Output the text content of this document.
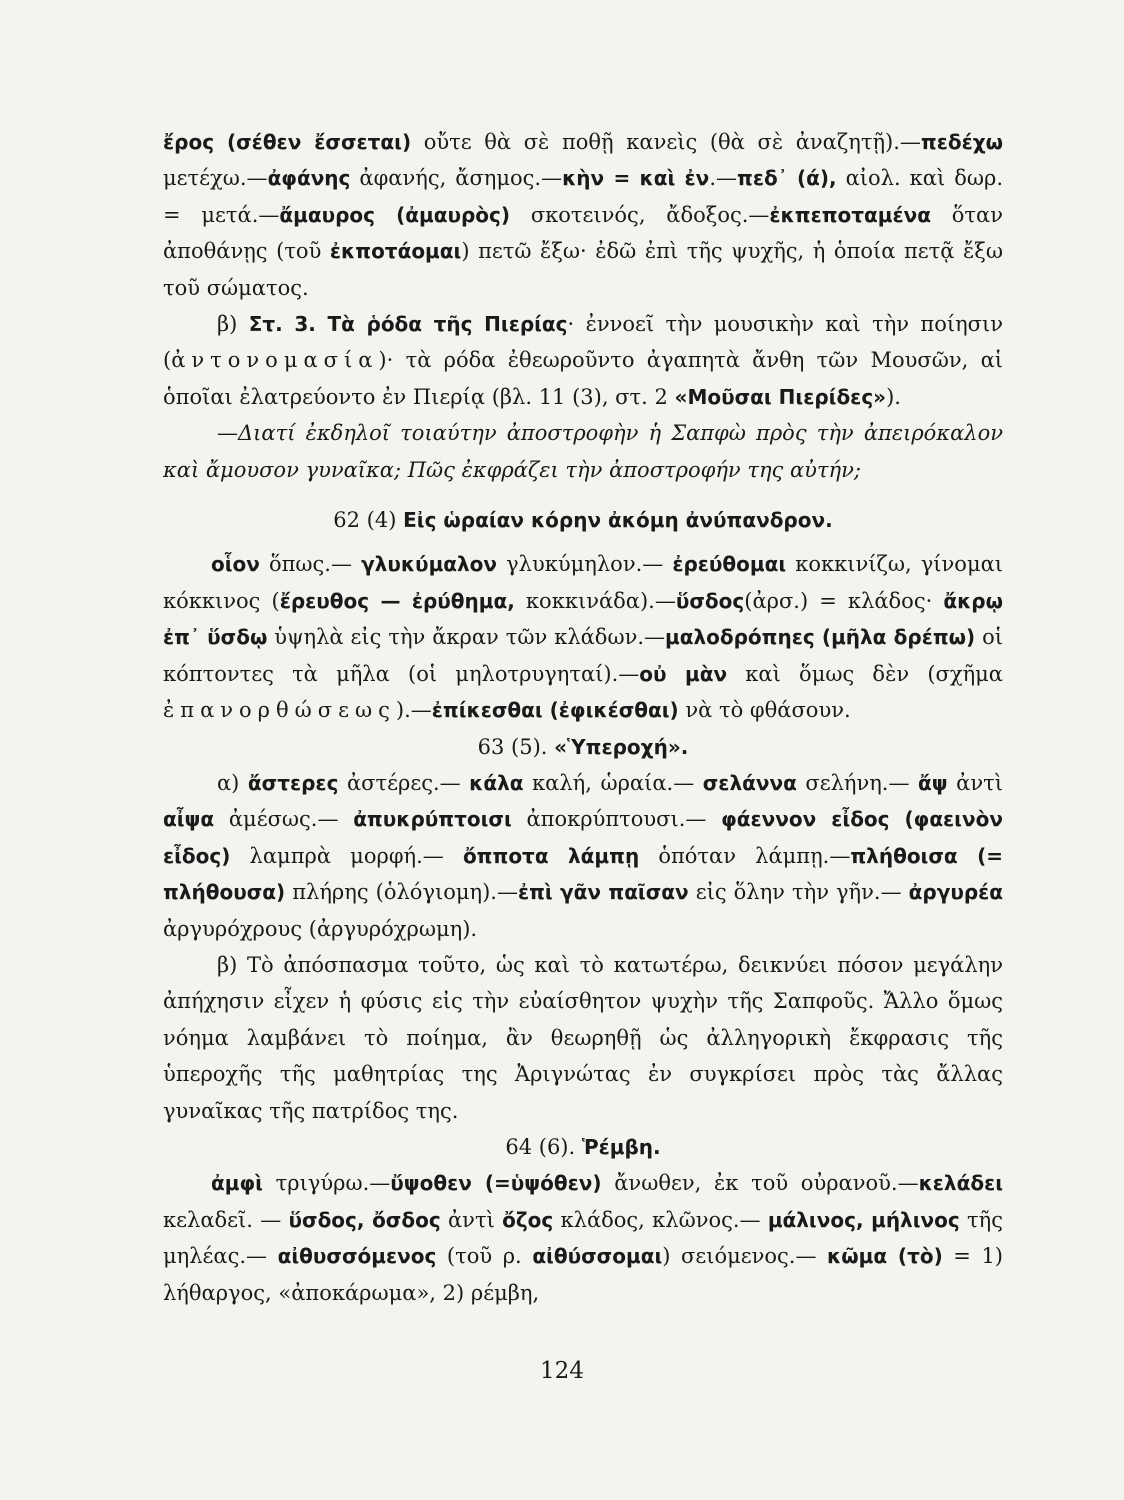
ἔρος (σέθεν ἔσσεται) οὔτε θὰ σὲ ποθῇ κανεὶς (θὰ σὲ ἀναζητῇ).—πεδέχω μετέχω.—ἀφάνης ἀφανής, ἄσημος.—κὴν = καὶ ἐν.—πεδ᾽ (ά), αἰολ. καὶ δωρ. = μετά.—ἄμαυρος (ἀμαυρὸς) σκοτεινός, ἄδοξος.—ἐκπεποταμένα ὅταν ἀποθάνῃς (τοῦ ἐκποτάομαι) πετῶ ἔξω· ἐδῶ ἐπὶ τῆς ψυχῆς, ἡ ὁποία πετᾷ ἔξω τοῦ σώματος.

β) Στ. 3. Τὰ ῥόδα τῆς Πιερίας· ἐννοεῖ τὴν μουσικὴν καὶ τὴν ποίησιν (ἀντονομασία)· τὰ ρόδα ἐθεωροῦντο ἀγαπητὰ ἄνθη τῶν Μουσῶν, αἱ ὁποῖαι ἐλατρεύοντο ἐν Πιερίᾳ (βλ. 11 (3), στ. 2 «Μοῦσαι Πιερίδες»).

—Διατί ἐκδηλοῖ τοιαύτην ἀποστροφὴν ἡ Σαπφὼ πρὸς τὴν ἀπειρόκαλον καὶ ἄμουσον γυναῖκα; Πῶς ἐκφράζει τὴν ἀποστροφήν της αὐτήν;

62 (4) Εἰς ὡραίαν κόρην ἀκόμη ἀνύπανδρον.

οἷον ὅπως.— γλυκύμαλον γλυκύμηλον.— ἐρεύθομαι κοκκινίζω, γίνομαι κόκκινος (ἔρευθος — ἐρύθημα, κοκκινάδα).—ὕσδος(ἀρσ.) = κλάδος· ἄκρῳ ἐπ᾽ ὕσδῳ ὑψηλὰ εἰς τὴν ἄκραν τῶν κλάδων.—μαλοδρόπηες (μῆλα δρέπω) οἱ κόπτοντες τὰ μῆλα (οἱ μηλοτρυγηταί).—οὐ μὰν καὶ ὅμως δὲν (σχῆμα ἐπανορθώσεως).—ἐπίκεσθαι (ἐφικέσθαι) νὰ τὸ φθάσουν.

63 (5). «Ὑπεροχή».

α) ἄστερες ἀστέρες.— κάλα καλή, ὡραία.— σελάννα σελήνη.— ἄψ ἀντὶ αἶψα ἀμέσως.— ἀπυκρύπτοισι ἀποκρύπτουσι.— φάεννον εἶδος (φαεινὸν εἶδος) λαμπρὰ μορφή.— ὄπποτα λάμπῃ ὁπόταν λάμπῃ.—πλήθοισα (= πλήθουσα) πλήρης (ὁλόγιομη).—ἐπὶ γᾶν παῖσαν εἰς ὅλην τὴν γῆν.— ἀργυρέα ἀργυρόχρους (ἀργυρόχρωμη).

β) Τὸ ἀπόσπασμα τοῦτο, ὡς καὶ τὸ κατωτέρω, δεικνύει πόσον μεγάλην ἀπήχησιν εἶχεν ἡ φύσις εἰς τὴν εὐαίσθητον ψυχὴν τῆς Σαπφοῦς. Ἄλλο ὅμως νόημα λαμβάνει τὸ ποίημα, ἂν θεωρηθῇ ὡς ἀλληγορικὴ ἔκφρασις τῆς ὑπεροχῆς τῆς μαθητρίας της Ἀριγνώτας ἐν συγκρίσει πρὸς τὰς ἄλλας γυναῖκας τῆς πατρίδος της.

64 (6). Ῥέμβη.

ἀμφὶ τριγύρω.—ὔψοθεν (=ὑψόθεν) ἄνωθεν, ἐκ τοῦ οὐρανοῦ.—κελάδει κελαδεῖ. — ὕσδος, ὄσδος ἀντὶ ὄζος κλάδος, κλῶνος.— μάλινος, μήλινος τῆς μηλέας.— αἰθυσσόμενος (τοῦ ρ. αἰθύσσομαι) σειόμενος.— κῶμα (τὸ) = 1) λήθαργος, «ἀποκάρωμα», 2) ρέμβη,

124
